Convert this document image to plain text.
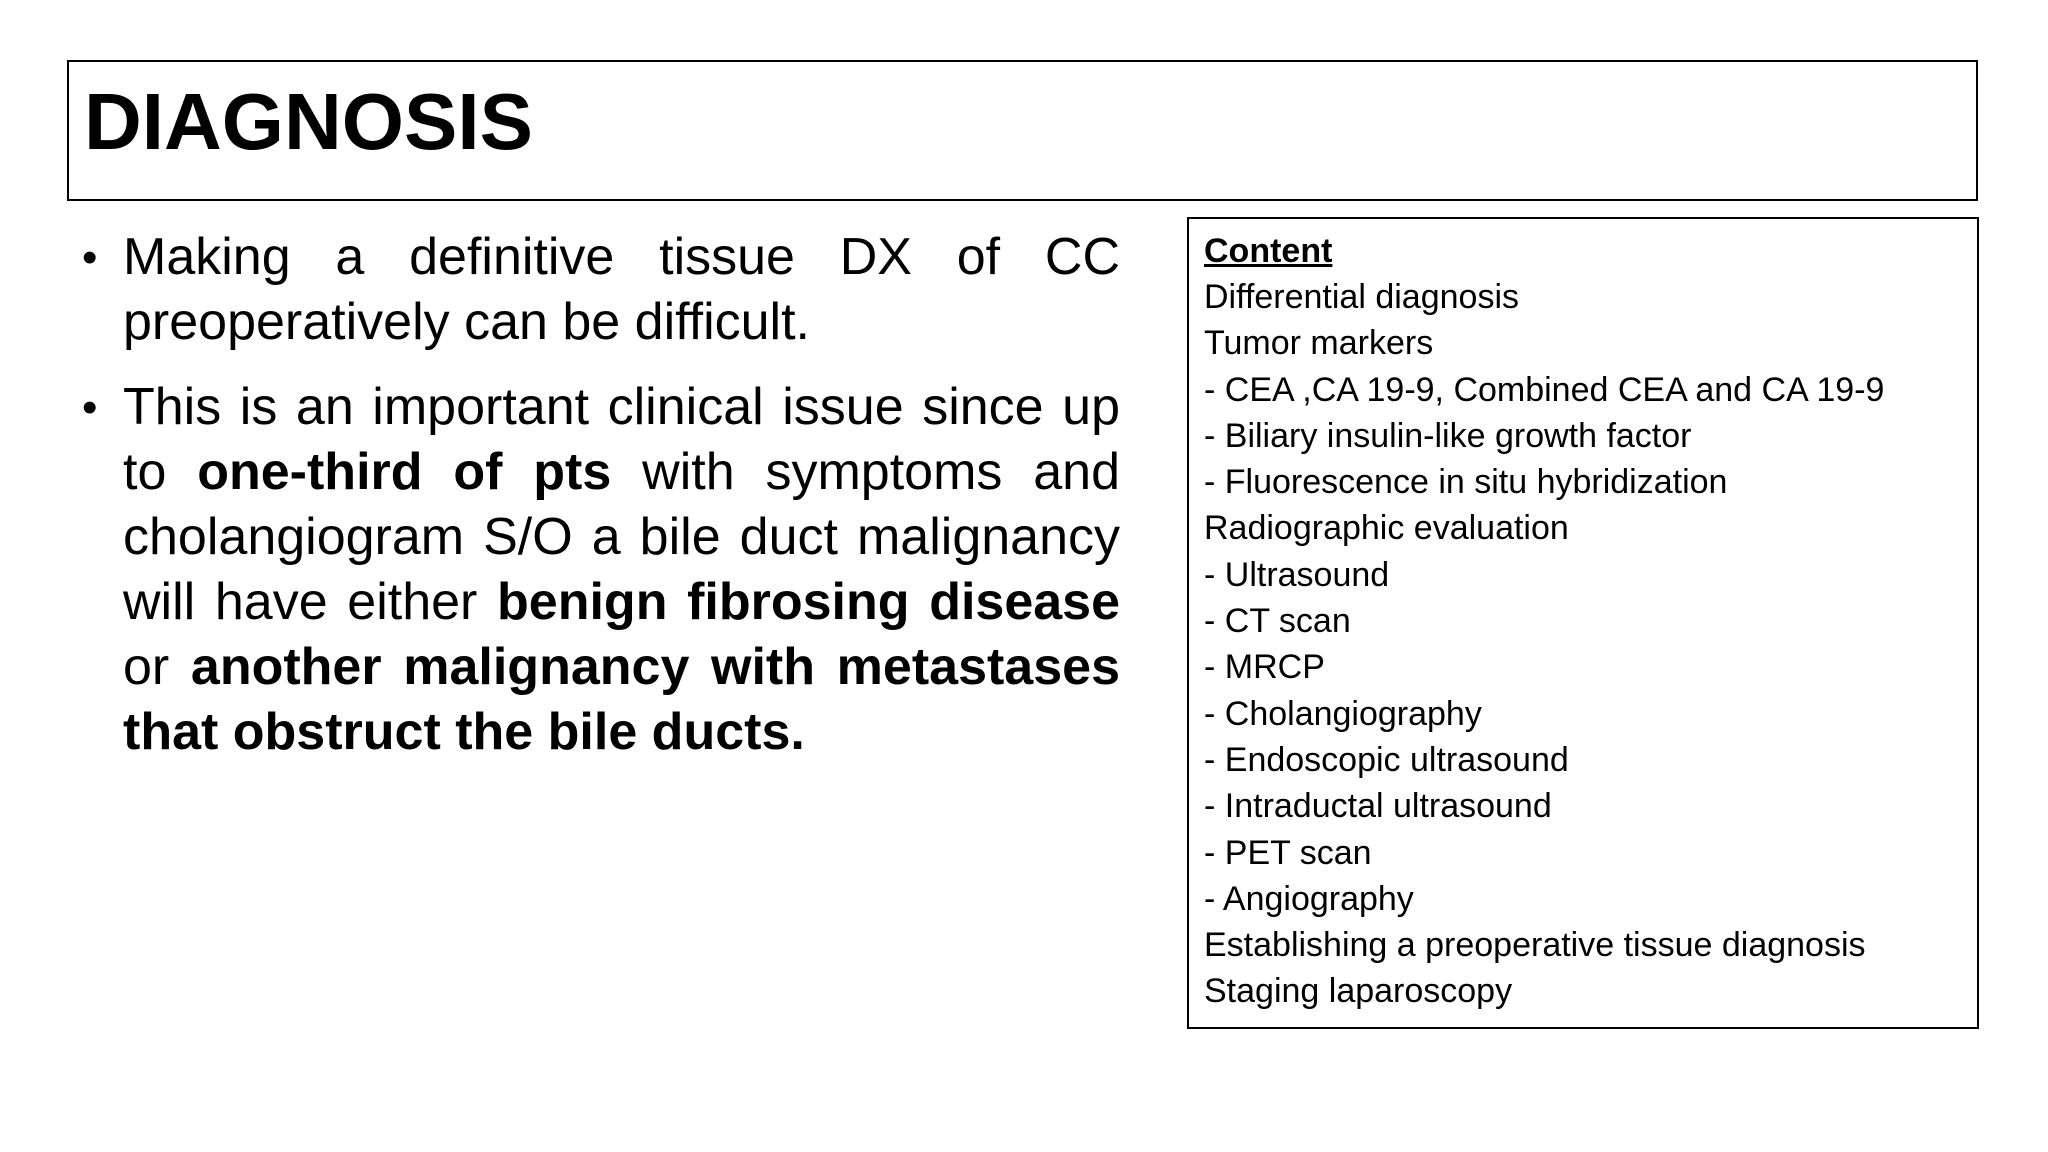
DIAGNOSIS
• Making a definitive tissue DX of CC preoperatively can be difficult.
• This is an important clinical issue since up to one-third of pts with symptoms and cholangiogram S/O a bile duct malignancy will have either benign fibrosing disease or another malignancy with metastases that obstruct the bile ducts.
Content
Differential diagnosis
Tumor markers
- CEA ,CA 19-9, Combined CEA and CA 19-9
- Biliary insulin-like growth factor
- Fluorescence in situ hybridization
Radiographic evaluation
- Ultrasound
- CT scan
- MRCP
- Cholangiography
- Endoscopic ultrasound
- Intraductal ultrasound
- PET scan
- Angiography
Establishing a preoperative tissue diagnosis
Staging laparoscopy
